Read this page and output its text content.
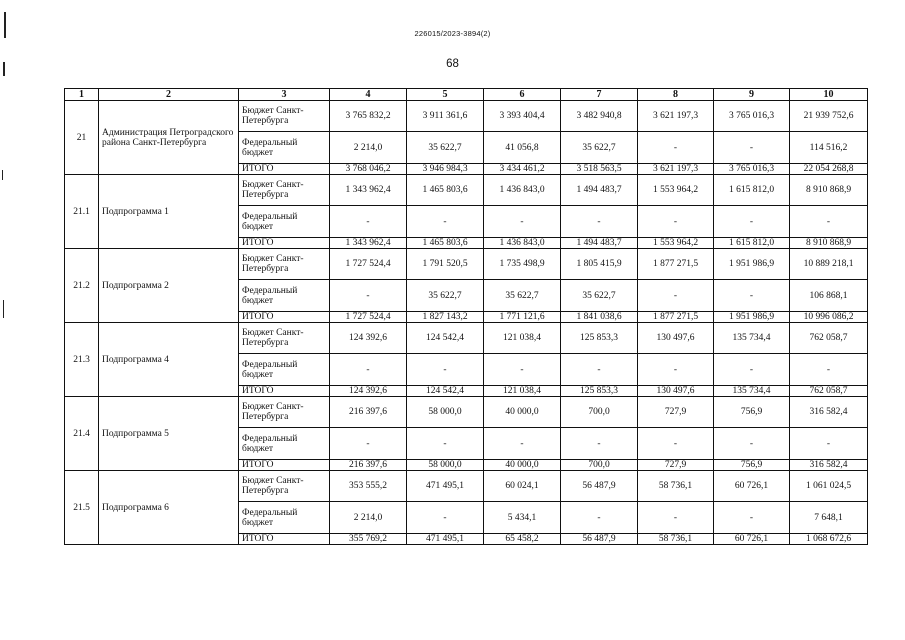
226015/2023-3894(2)
68
1	2	3	4	5	6	7	8	9	10
21	Администрация Петроградского района Санкт-Петербурга	Бюджет Санкт-Петербурга	3 765 832,2	3 911 361,6	3 393 404,4	3 482 940,8	3 621 197,3	3 765 016,3	21 939 752,6
		Федеральный бюджет	2 214,0	35 622,7	41 056,8	35 622,7	-	-	114 516,2
		ИТОГО	3 768 046,2	3 946 984,3	3 434 461,2	3 518 563,5	3 621 197,3	3 765 016,3	22 054 268,8
21.1	Подпрограмма 1	Бюджет Санкт-Петербурга	1 343 962,4	1 465 803,6	1 436 843,0	1 494 483,7	1 553 964,2	1 615 812,0	8 910 868,9
		Федеральный бюджет	-	-	-	-	-	-	-
		ИТОГО	1 343 962,4	1 465 803,6	1 436 843,0	1 494 483,7	1 553 964,2	1 615 812,0	8 910 868,9
21.2	Подпрограмма 2	Бюджет Санкт-Петербурга	1 727 524,4	1 791 520,5	1 735 498,9	1 805 415,9	1 877 271,5	1 951 986,9	10 889 218,1
		Федеральный бюджет	-	35 622,7	35 622,7	35 622,7	-	-	106 868,1
		ИТОГО	1 727 524,4	1 827 143,2	1 771 121,6	1 841 038,6	1 877 271,5	1 951 986,9	10 996 086,2
21.3	Подпрограмма 4	Бюджет Санкт-Петербурга	124 392,6	124 542,4	121 038,4	125 853,3	130 497,6	135 734,4	762 058,7
		Федеральный бюджет	-	-	-	-	-	-	-
		ИТОГО	124 392,6	124 542,4	121 038,4	125 853,3	130 497,6	135 734,4	762 058,7
21.4	Подпрограмма 5	Бюджет Санкт-Петербурга	216 397,6	58 000,0	40 000,0	700,0	727,9	756,9	316 582,4
		Федеральный бюджет	-	-	-	-	-	-	-
		ИТОГО	216 397,6	58 000,0	40 000,0	700,0	727,9	756,9	316 582,4
21.5	Подпрограмма 6	Бюджет Санкт-Петербурга	353 555,2	471 495,1	60 024,1	56 487,9	58 736,1	60 726,1	1 061 024,5
		Федеральный бюджет	2 214,0	-	5 434,1	-	-	-	7 648,1
		ИТОГО	355 769,2	471 495,1	65 458,2	56 487,9	58 736,1	60 726,1	1 068 672,6
